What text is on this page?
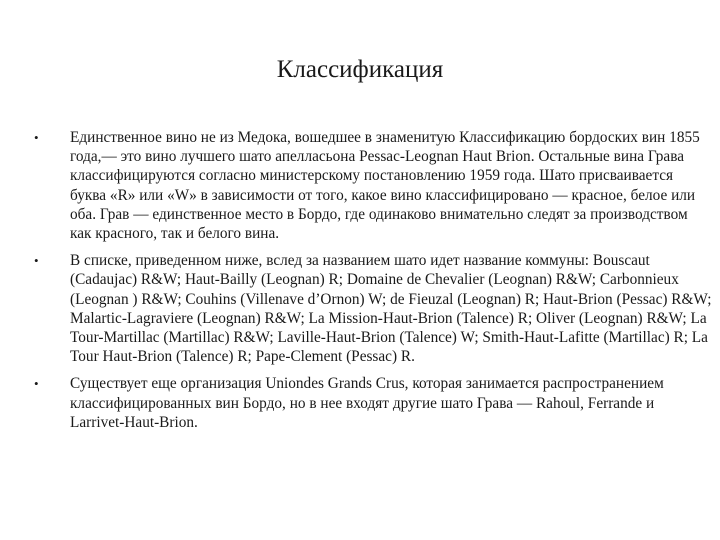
Классификация
• Единственное вино не из Медока, вошедшее в знаменитую Классификацию бордоских вин 1855 года,— это вино лучшего шато апелласьона Pessac-Leognan Haut Brion. Остальные вина Грава классифицируются согласно министерскому постановлению 1959 года. Шато присваивается буква «R» или «W» в зависимости от того, какое вино классифицировано — красное, белое или оба. Грав — единственное место в Бордо, где одинаково внимательно следят за производством как красного, так и белого вина.
• В списке, приведенном ниже, вслед за названием шато идет название коммуны: Bouscaut (Cadaujac) R&W; Haut-Bailly (Leognan) R; Domaine de Chevalier (Leognan) R&W; Carbonnieux (Leognan ) R&W; Couhins (Villenave d’Ornon) W; de Fieuzal (Leognan) R; Haut-Brion (Pessac) R&W; Malartic-Lagraviere (Leognan) R&W; La Mission-Haut-Brion (Talence) R; Oliver (Leognan) R&W; La Tour-Martillac (Martillac) R&W; Laville-Haut-Brion (Talence) W; Smith-Haut-Lafitte (Martillac) R; La Tour Haut-Brion (Talence) R; Pape-Clement (Pessac) R.
• Существует еще организация Uniondes Grands Crus, которая занимается распространением классифицированных вин Бордо, но в нее входят другие шато Грава — Rahoul, Ferrande и Larrivet-Haut-Brion.
